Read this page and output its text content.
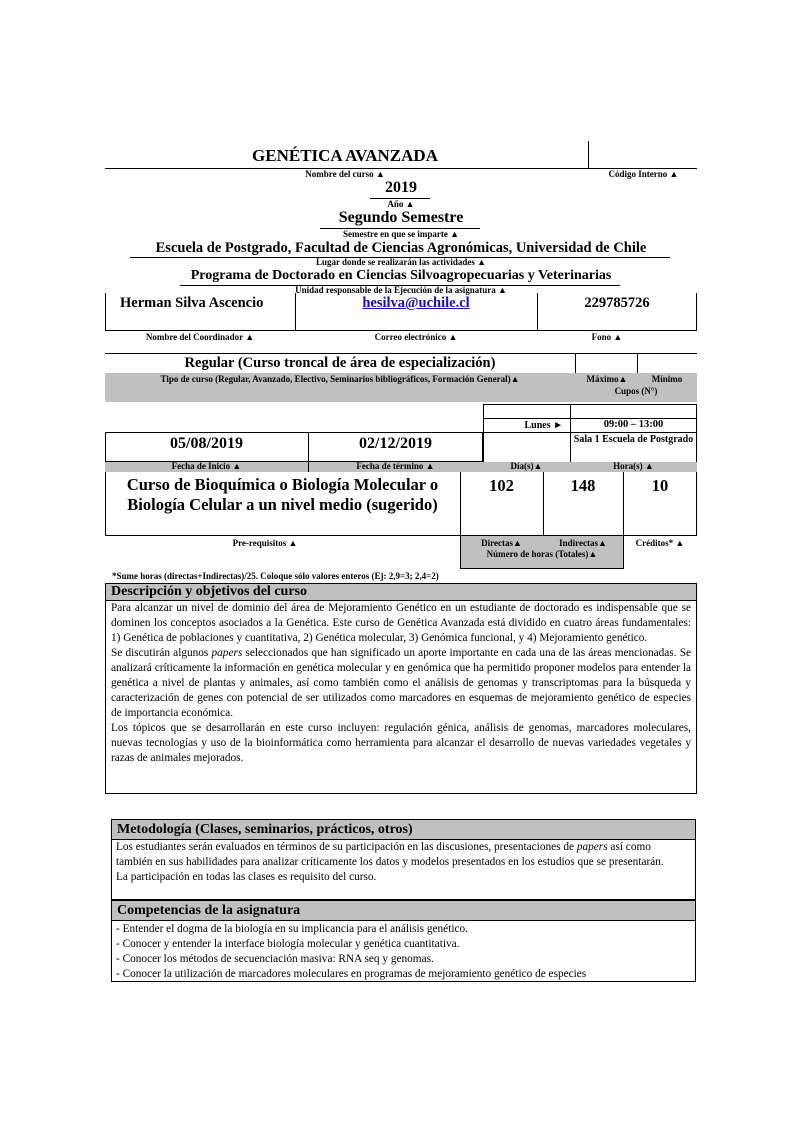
GENÉTICA AVANZADA
Nombre del curso ▲	Código Interno ▲
2019
Año ▲
Segundo Semestre
Semestre en que se imparte ▲
Escuela de Postgrado, Facultad de Ciencias Agronómicas, Universidad de Chile
Lugar donde se realizarán las actividades ▲
Programa de Doctorado en Ciencias Silvoagropecuarias y Veterinarias
Unidad responsable de la Ejecución de la asignatura ▲
Herman Silva Ascencio	hesilva@uchile.cl	229785726
Nombre del Coordinador ▲	Correo electrónico ▲	Fono ▲
Regular (Curso troncal de área de especialización)
Tipo de curso (Regular, Avanzado, Electivo, Seminarios bibliográficos, Formación General)▲	Máximo▲	Mínimo
Cupos (N°)
Lunes ►	09:00 – 13:00
Sala 1 Escuela de Postgrado
05/08/2019	02/12/2019
Fecha de Inicio ▲	Fecha de término ▲	Día(s)▲	Hora(s) ▲
Curso de Bioquímica o Biología Molecular o Biología Celular a un nivel medio (sugerido)
102	148	10
Pre-requisitos ▲	Directas▲	Indirectas▲	Créditos* ▲
Número de horas (Totales)▲
*Sume horas (directas+Indirectas)/25. Coloque sólo valores enteros (Ej: 2,9=3; 2,4=2)
Descripción y objetivos del curso

Para alcanzar un nivel de dominio del área de Mejoramiento Genético en un estudiante de doctorado es indispensable que se dominen los conceptos asociados a la Genética. Este curso de Genética Avanzada está dividido en cuatro áreas fundamentales: 1) Genética de poblaciones y cuantitativa, 2) Genética molecular, 3) Genómica funcional, y 4) Mejoramiento genético.

Se discutirán algunos papers seleccionados que han significado un aporte importante en cada una de las áreas mencionadas. Se analizará críticamente la información en genética molecular y en genómica que ha permitido proponer modelos para entender la genética a nivel de plantas y animales, así como también como el análisis de genomas y transcriptomas para la búsqueda y caracterización de genes con potencial de ser utilizados como marcadores en esquemas de mejoramiento genético de especies de importancia económica.

Los tópicos que se desarrollarán en este curso incluyen: regulación génica, análisis de genomas, marcadores moleculares, nuevas tecnologías y uso de la bioinformática como herramienta para alcanzar el desarrollo de nuevas variedades vegetales y razas de animales mejorados.

Metodología (Clases, seminarios, prácticos, otros)
Los estudiantes serán evaluados en términos de su participación en las discusiones, presentaciones de papers así como también en sus habilidades para analizar críticamente los datos y modelos presentados en los estudios que se presentarán. La participación en todas las clases es requisito del curso.
Competencias de la asignatura
- Entender el dogma de la biología en su implicancia para el análisis genético.
- Conocer y entender la interface biología molecular y genética cuantitativa.
- Conocer los métodos de secuenciación masiva: RNA seq y genomas.
- Conocer la utilización de marcadores moleculares en programas de mejoramiento genético de especies
